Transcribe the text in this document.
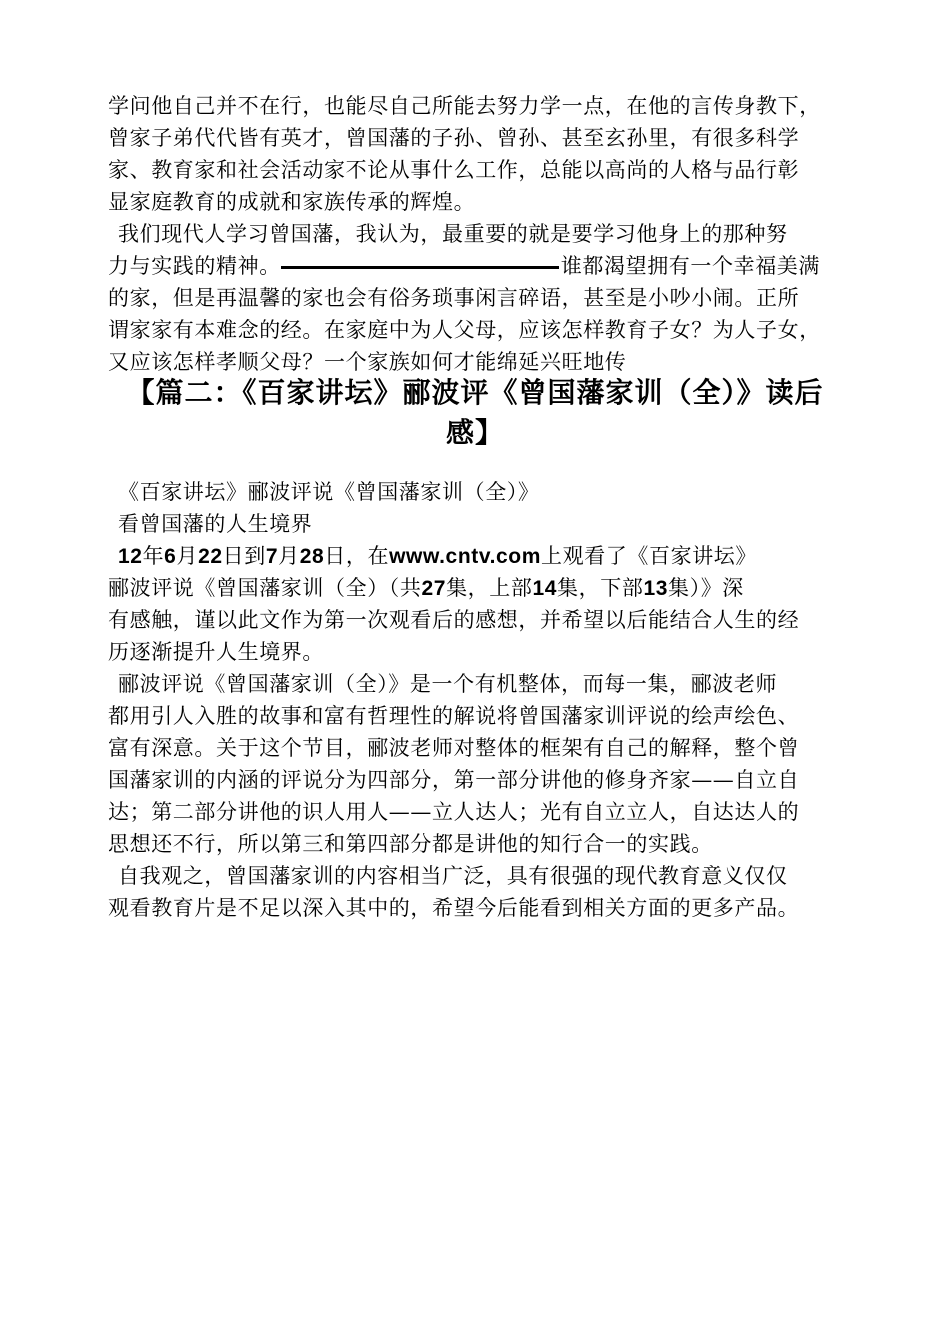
学问他自己并不在行，也能尽自己所能去努力学一点，在他的言传身教下，
曾家子弟代代皆有英才，曾国藩的子孙、曾孙、甚至玄孙里，有很多科学
家、教育家和社会活动家不论从事什么工作，总能以高尚的人格与品行彰
显家庭教育的成就和家族传承的辉煌。
我们现代人学习曾国藩，我认为，最重要的就是要学习他身上的那种努
力与实践的精神。	谁都渴望拥有一个幸福美满
的家，但是再温馨的家也会有俗务琐事闲言碎语，甚至是小吵小闹。正所
谓家家有本难念的经。在家庭中为人父母，应该怎样教育子女？为人子女，
又应该怎样孝顺父母？一个家族如何才能绵延兴旺地传
【篇二：《百家讲坛》郦波评《曾国藩家训（全）》读后
感】
《百家讲坛》郦波评说《曾国藩家训（全）》
看曾国藩的人生境界
12年6月22日到7月28日，在www.cntv.com上观看了《百家讲坛》
郦波评说《曾国藩家训（全）（共27集，上部14集，下部13集）》深
有感触，谨以此文作为第一次观看后的感想，并希望以后能结合人生的经
历逐渐提升人生境界。
郦波评说《曾国藩家训（全）》是一个有机整体，而每一集，郦波老师
都用引人入胜的故事和富有哲理性的解说将曾国藩家训评说的绘声绘色、
富有深意。关于这个节目，郦波老师对整体的框架有自己的解释，整个曾
国藩家训的内涵的评说分为四部分，第一部分讲他的修身齐家——自立自
达；第二部分讲他的识人用人——立人达人；光有自立立人，自达达人的
思想还不行，所以第三和第四部分都是讲他的知行合一的实践。
自我观之，曾国藩家训的内容相当广泛，具有很强的现代教育意义仅仅
观看教育片是不足以深入其中的，希望今后能看到相关方面的更多产品。
